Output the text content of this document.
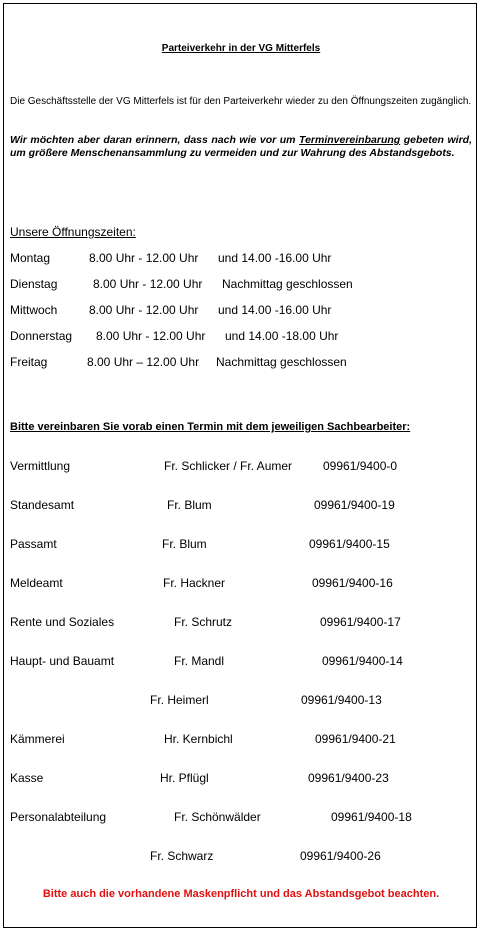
Parteiverkehr in der VG Mitterfels
Die Geschäftsstelle der VG Mitterfels ist für den Parteiverkehr wieder zu den Öffnungszeiten zugänglich.
Wir möchten aber daran erinnern, dass nach wie vor um Terminvereinbarung gebeten wird, um größere Menschenansammlung zu vermeiden und zur Wahrung des Abstandsgebots.
Unsere Öffnungszeiten:
Montag	8.00 Uhr - 12.00 Uhr und 14.00 -16.00 Uhr
Dienstag	8.00 Uhr - 12.00 Uhr Nachmittag geschlossen
Mittwoch	8.00 Uhr - 12.00 Uhr und 14.00 -16.00 Uhr
Donnerstag 8.00 Uhr - 12.00 Uhr und 14.00 -18.00 Uhr
Freitag	8.00 Uhr – 12.00 Uhr Nachmittag geschlossen
Bitte vereinbaren Sie vorab einen Termin mit dem jeweiligen Sachbearbeiter:
Vermittlung	Fr. Schlicker / Fr. Aumer	09961/9400-0
Standesamt	Fr. Blum	09961/9400-19
Passamt	Fr. Blum	09961/9400-15
Meldeamt	Fr. Hackner	09961/9400-16
Rente und Soziales	Fr. Schrutz	09961/9400-17
Haupt- und Bauamt	Fr. Mandl	09961/9400-14
Fr. Heimerl	09961/9400-13
Kämmerei	Hr. Kernbichl	09961/9400-21
Kasse	Hr. Pflügl	09961/9400-23
Personalabteilung	Fr. Schönwälder	09961/9400-18
Fr. Schwarz	09961/9400-26
Bitte auch die vorhandene Maskenpflicht und das Abstandsgebot beachten.
